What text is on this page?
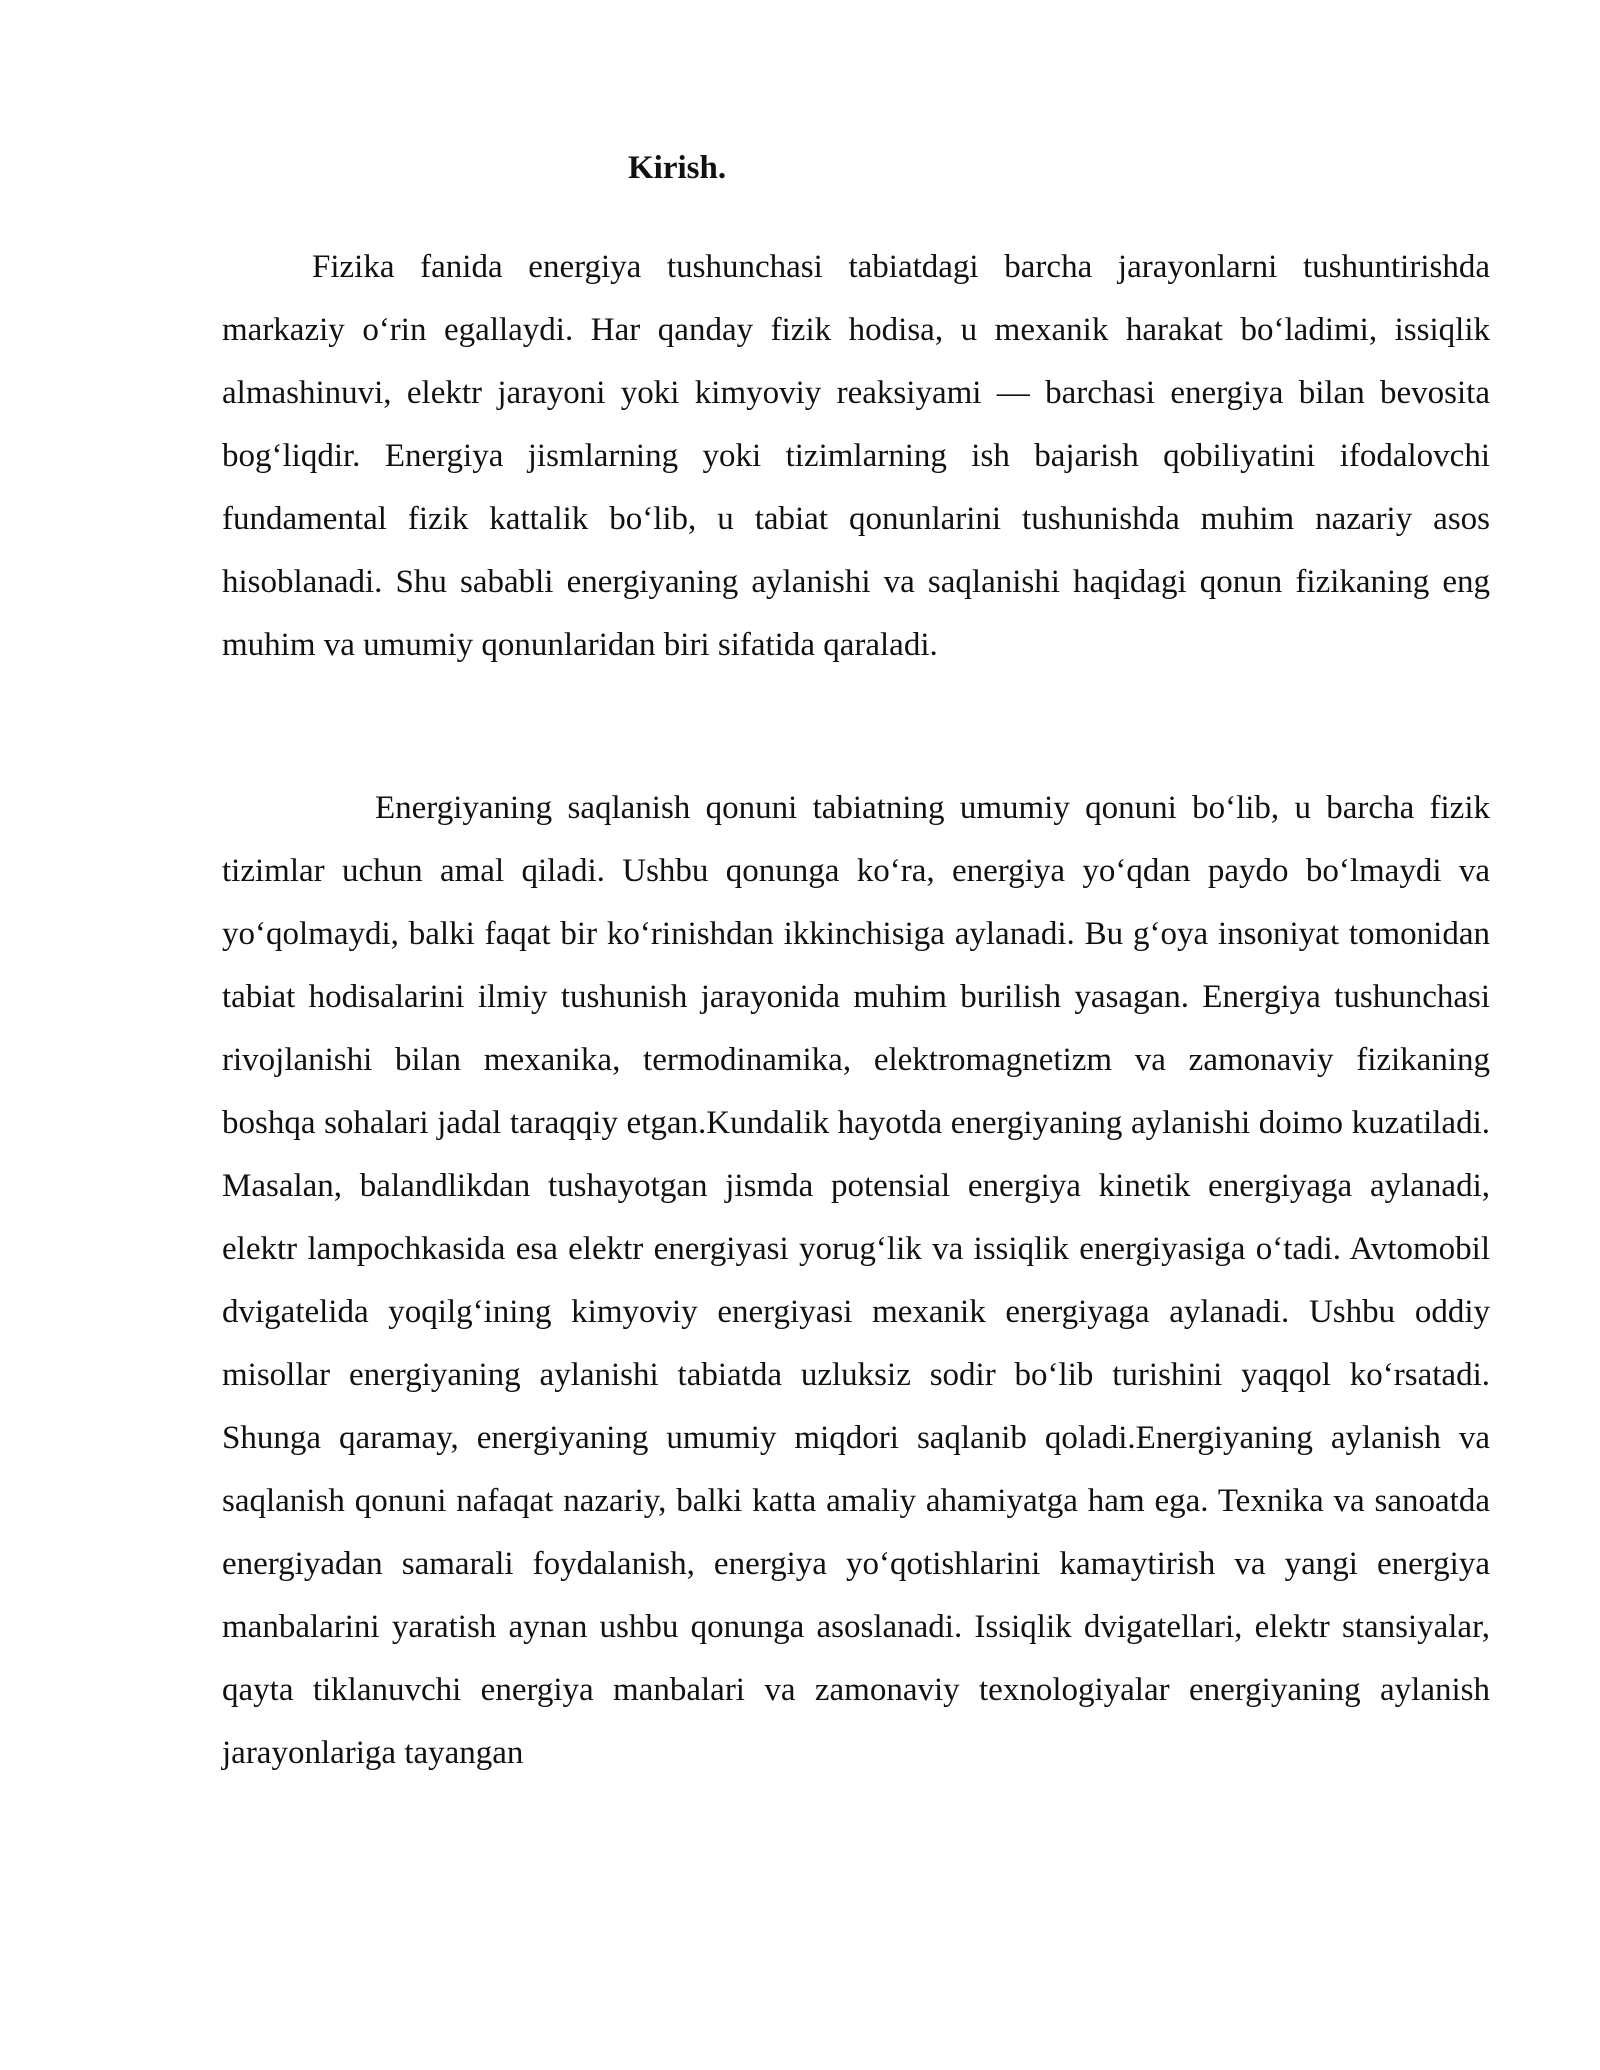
Kirish.

Fizika fanida energiya tushunchasi tabiatdagi barcha jarayonlarni tushuntirishda markaziy o‘rin egallaydi. Har qanday fizik hodisa, u mexanik harakat bo‘ladimi, issiqlik almashinuvi, elektr jarayoni yoki kimyoviy reaksiyami — barchasi energiya bilan bevosita bog‘liqdir. Energiya jismlarning yoki tizimlarning ish bajarish qobiliyatini ifodalovchi fundamental fizik kattalik bo‘lib, u tabiat qonunlarini tushunishda muhim nazariy asos hisoblanadi. Shu sababli energiyaning aylanishi va saqlanishi haqidagi qonun fizikaning eng muhim va umumiy qonunlaridan biri sifatida qaraladi.

Energiyaning saqlanish qonuni tabiatning umumiy qonuni bo‘lib, u barcha fizik tizimlar uchun amal qiladi. Ushbu qonunga ko‘ra, energiya yo‘qdan paydo bo‘lmaydi va yo‘qolmaydi, balki faqat bir ko‘rinishdan ikkinchisiga aylanadi. Bu g‘oya insoniyat tomonidan tabiat hodisalarini ilmiy tushunish jarayonida muhim burilish yasagan. Energiya tushunchasi rivojlanishi bilan mexanika, termodinamika, elektromagnetizm va zamonaviy fizikaning boshqa sohalari jadal taraqqiy etgan.Kundalik hayotda energiyaning aylanishi doimo kuzatiladi. Masalan, balandlikdan tushayotgan jismda potensial energiya kinetik energiyaga aylanadi, elektr lampochkasida esa elektr energiyasi yorug‘lik va issiqlik energiyasiga o‘tadi. Avtomobil dvigatelida yoqilg‘ining kimyoviy energiyasi mexanik energiyaga aylanadi. Ushbu oddiy misollar energiyaning aylanishi tabiatda uzluksiz sodir bo‘lib turishini yaqqol ko‘rsatadi. Shunga qaramay, energiyaning umumiy miqdori saqlanib qoladi.Energiyaning aylanish va saqlanish qonuni nafaqat nazariy, balki katta amaliy ahamiyatga ham ega. Texnika va sanoatda energiyadan samarali foydalanish, energiya yo‘qotishlarini kamaytirish va yangi energiya manbalarini yaratish aynan ushbu qonunga asoslanadi. Issiqlik dvigatellari, elektr stansiyalar, qayta tiklanuvchi energiya manbalari va zamonaviy texnologiyalar energiyaning aylanish jarayonlariga tayangan
